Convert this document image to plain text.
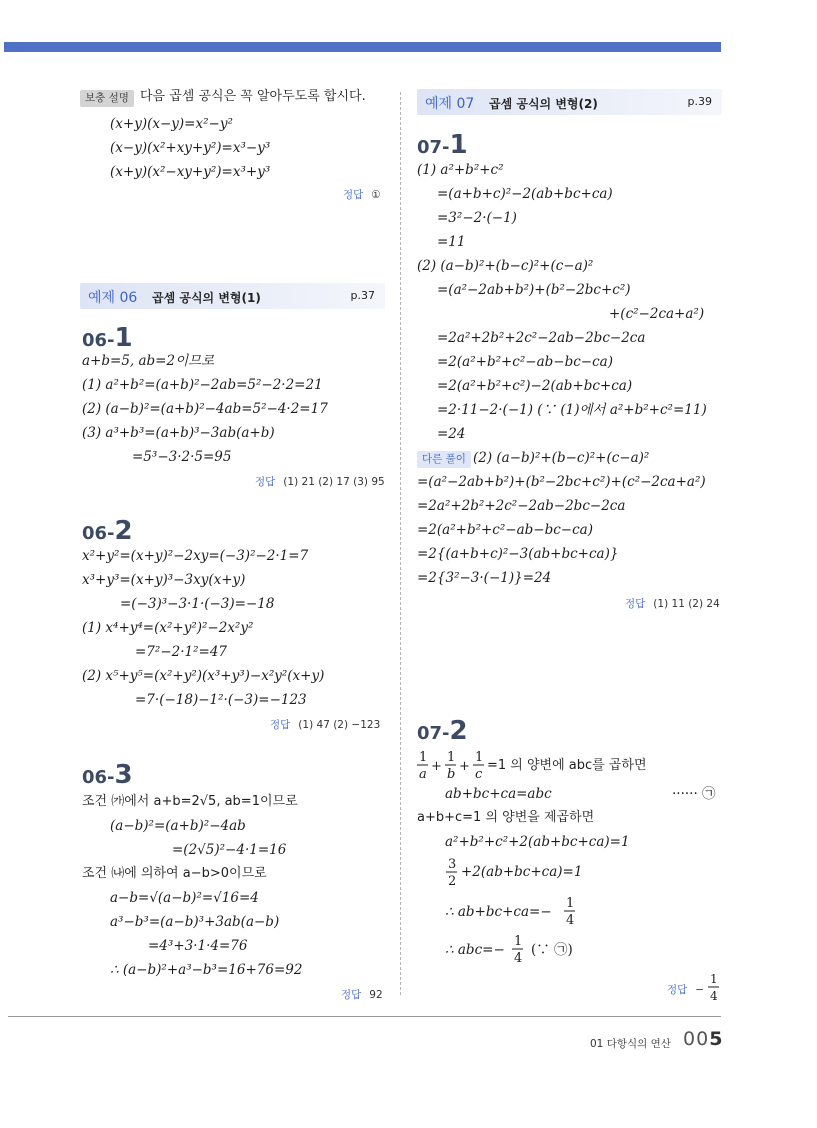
보충 설명 다음 곱셈 공식은 꼭 알아두도록 합시다.
(x+y)(x−y)=x²−y²
(x−y)(x²+xy+y²)=x³−y³
(x+y)(x²−xy+y²)=x³+y³
정답 ①
예제 06 곱셈 공식의 변형(1)	p.37
06-1
a+b=5, ab=2이므로
(1) a²+b²=(a+b)²−2ab=5²−2·2=21
(2) (a−b)²=(a+b)²−4ab=5²−4·2=17
(3) a³+b³=(a+b)³−3ab(a+b)
=5³−3·2·5=95
정답 (1) 21 (2) 17 (3) 95
06-2
x²+y²=(x+y)²−2xy=(−3)²−2·1=7
x³+y³=(x+y)³−3xy(x+y)
=(−3)³−3·1·(−3)=−18
(1) x⁴+y⁴=(x²+y²)²−2x²y²
=7²−2·1²=47
(2) x⁵+y⁵=(x²+y²)(x³+y³)−x²y²(x+y)
=7·(−18)−1²·(−3)=−123
정답 (1) 47 (2) −123
06-3
조건 ㈎에서 a+b=2√5, ab=1이므로
(a−b)²=(a+b)²−4ab
=(2√5)²−4·1=16
조건 ㈏에 의하여 a−b>0이므로
a−b=√(a−b)²=√16=4
a³−b³=(a−b)³+3ab(a−b)
=4³+3·1·4=76
∴ (a−b)²+a³−b³=16+76=92
정답 92
예제 07 곱셈 공식의 변형(2)	p.39
07-1
(1) a²+b²+c²
=(a+b+c)²−2(ab+bc+ca)
=3²−2·(−1)
=11
(2) (a−b)²+(b−c)²+(c−a)²
=(a²−2ab+b²)+(b²−2bc+c²)
+(c²−2ca+a²)
=2a²+2b²+2c²−2ab−2bc−2ca
=2(a²+b²+c²−ab−bc−ca)
=2(a²+b²+c²)−2(ab+bc+ca)
=2·11−2·(−1) (∵ (1)에서 a²+b²+c²=11)
=24
다른 풀이 (2) (a−b)²+(b−c)²+(c−a)²
=(a²−2ab+b²)+(b²−2bc+c²)+(c²−2ca+a²)
=2a²+2b²+2c²−2ab−2bc−2ca
=2(a²+b²+c²−ab−bc−ca)
=2{(a+b+c)²−3(ab+bc+ca)}
=2{3²−3·(−1)}=24
정답 (1) 11 (2) 24
07-2
1
a
+
1
b
+
1
c
=1 의 양변에 abc를 곱하면
ab+bc+ca=abc	······ ㉠
a+b+c=1 의 양변을 제곱하면
a²+b²+c²+2(ab+bc+ca)=1
3
2
+2(ab+bc+ca)=1
∴ ab+bc+ca=−
1
4
∴ abc=−
1
4
(∵ ㉠)
정답 −
1
4
01 다항식의 연산 005
